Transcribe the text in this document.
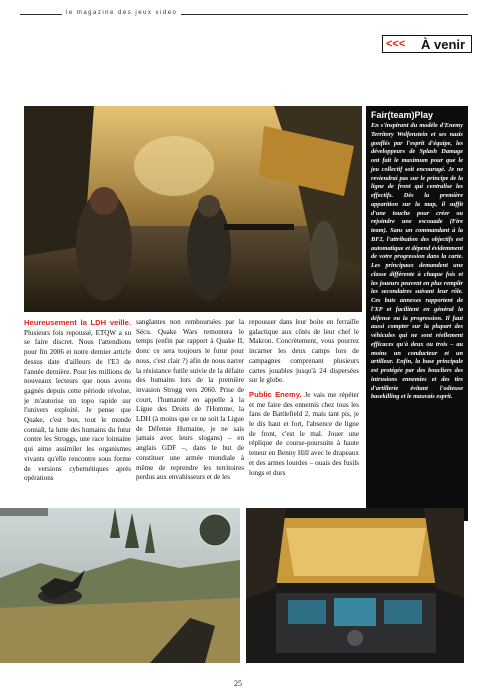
le magazine des jeux video
<<< À venir
Fair(team)Play

En s'inspirant du modèle d'Enemy Territory Wolfenstein et ses nazis gonflés par l'esprit d'équipe, les développeurs de Splash Damage ont fait le maximum pour que le jeu collectif soit encouragé. Je ne reviendrai pas sur le principe de la ligne de front qui centralise les effectifs. Dès la première apparition sur la map, il suffit d'une touche pour créer ou rejoindre une escouade (Fire team). Sans un commandant à la BF2, l'attribution des objectifs est automatique et dépend évidemment de votre progression dans la carte. Les principaux demandent une classe différente à chaque fois et les joueurs peuvent en plus remplir les secondaires suivant leur rôle. Ces buts annexes rapportent de l'XP et facilitent en général la défense ou la progression. Il faut aussi compter sur la plupart des véhicules qui ne sont réellement efficaces qu'à deux ou trois – au moins un conducteur et un artilleur. Enfin, la base principale est protégée par des boucliers des intrusions ennemies et des tirs d'artillerie évitant l'odieuse basekilling et le mauvais esprit.

Heureusement la LDH veille. Plusieurs fois repoussé, ETQW a su se faire discret. Nous l'attendions pour fin 2006 et notre dernier article dessus date d'ailleurs de l'E3 de l'année dernière. Pour les millions de nouveaux lecteurs que nous avons gagnés depuis cette période révolue, je m'autorise un topo rapide sur l'univers exploité. Je pense que Quake, c'est bon, tout le monde connaît, la lutte des humains du futur contre les Stroggs, une race lointaine qui aime assimiler les organismes vivants qu'elle rencontre sous forme de versions cybernétiques après opérations

sanglantes non remboursées par la Sécu. Quake Wars remontera le temps (enfin par rapport à Quake II, donc ce sera toujours le futur pour nous, c'est clair ?) afin de nous narrer la résistance futile suivie de la défaite des humains lors de la première invasion Strogg vers 2060. Prise de court, l'humanité en appelle à la Ligue des Droits de l'Homme, la LDH (à moins que ce ne soit la Ligue de Défense Humaine, je ne sais jamais avec leurs slogans) – en anglais GDF –, dans le but de constituer une armée mondiale à même de reprendre les territoires perdus aux envahisseurs et de les

repousser dans leur boite en ferraille galactique aux côtés de leur chef le Makron. Concrètement, vous pourrez incarner les deux camps lors de campagnes comprenant plusieurs cartes jouables jusqu'à 24 dispersées sur le globe.

Public Enemy. Je vais me répéter et me faire des ennemis chez tous les fans de Battlefield 2, mais tant pis, je le dis haut et fort, l'absence de ligne de front, c'est le mal. Jouer une réplique de course-poursuite à haute teneur en Benny Hill avec le drapeaux et des armes lourdes – ouais des fusils longs et durs

25
